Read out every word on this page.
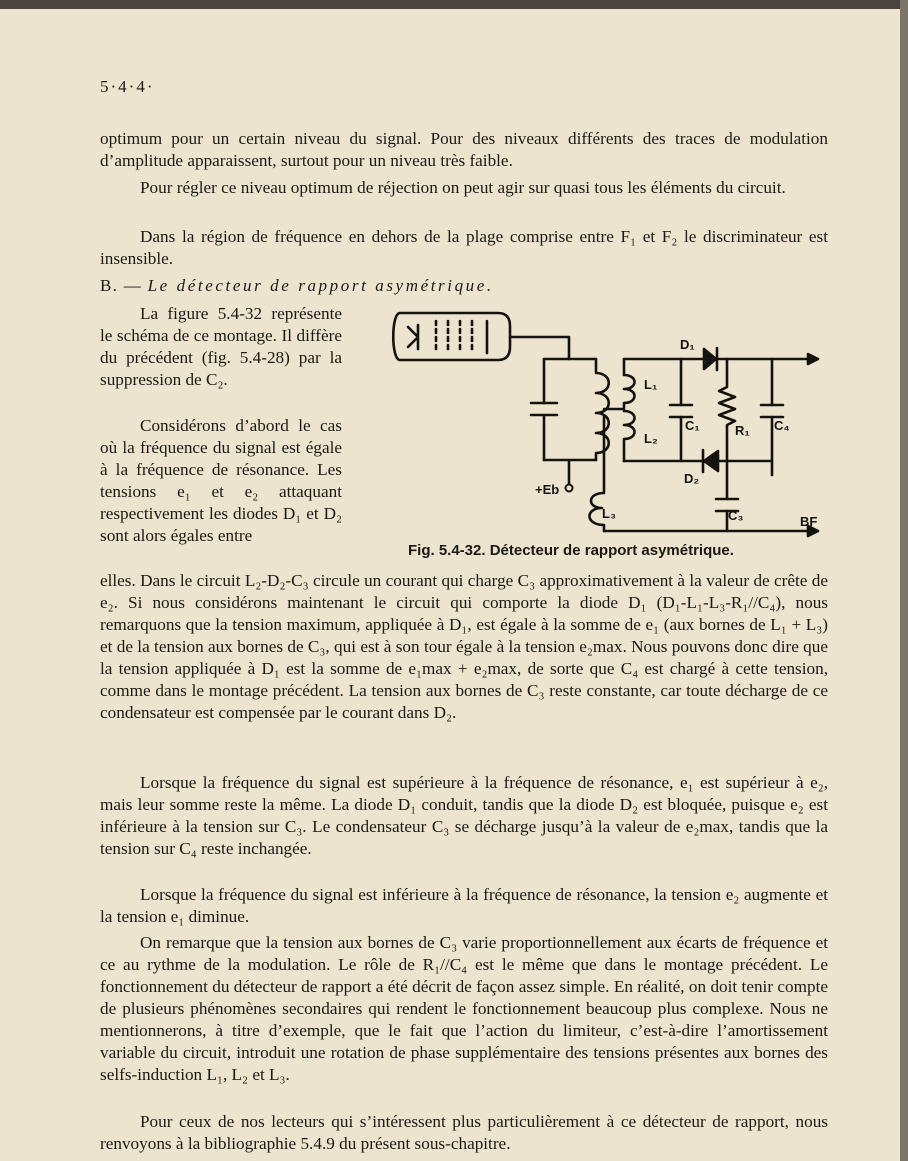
5·4·4·

optimum pour un certain niveau du signal. Pour des niveaux différents des traces de modulation d’amplitude apparaissent, surtout pour un niveau très faible.

Pour régler ce niveau optimum de réjection on peut agir sur quasi tous les éléments du circuit.

Dans la région de fréquence en dehors de la plage comprise entre F₁ et F₂ le discriminateur est insensible.

B. — Le détecteur de rapport asymétrique.

La figure 5.4-32 représente le schéma de ce montage. Il diffère du précédent (fig. 5.4-28) par la suppression de C₂.

Considérons d’abord le cas où la fréquence du signal est égale à la fréquence de résonance. Les tensions e₁ et e₂ attaquant respectivement les diodes D₁ et D₂ sont alors égales entre

elles. Dans le circuit L₂-D₂-C₃ circule un courant qui charge C₃ approximativement à la valeur de crête de e₂. Si nous considérons maintenant le circuit qui comporte la diode D₁ (D₁-L₁-L₃-R₁//C₄), nous remarquons que la tension maximum, appliquée à D₁, est égale à la somme de e₁ (aux bornes de L₁ + L₃) et de la tension aux bornes de C₃, qui est à son tour égale à la tension e₂max. Nous pouvons donc dire que la tension appliquée à D₁ est la somme de e₁max + e₂max, de sorte que C₄ est chargé à cette tension, comme dans le montage précédent. La tension aux bornes de C₃ reste constante, car toute décharge de ce condensateur est compensée par le courant dans D₂.

Lorsque la fréquence du signal est supérieure à la fréquence de résonance, e₁ est supérieur à e₂, mais leur somme reste la même. La diode D₁ conduit, tandis que la diode D₂ est bloquée, puisque e₂ est inférieure à la tension sur C₃. Le condensateur C₃ se décharge jusqu’à la valeur de e₂max, tandis que la tension sur C₄ reste inchangée.

Lorsque la fréquence du signal est inférieure à la fréquence de résonance, la tension e₂ augmente et la tension e₁ diminue.

On remarque que la tension aux bornes de C₃ varie proportionnellement aux écarts de fréquence et ce au rythme de la modulation. Le rôle de R₁//C₄ est le même que dans le montage précédent. Le fonctionnement du détecteur de rapport a été décrit de façon assez simple. En réalité, on doit tenir compte de plusieurs phénomènes secondaires qui rendent le fonctionnement beaucoup plus complexe. Nous ne mentionnerons, à titre d’exemple, que le fait que l’action du limiteur, c’est-à-dire l’amortissement variable du circuit, introduit une rotation de phase supplémentaire des tensions présentes aux bornes des selfs-induction L₁, L₂ et L₃.

Pour ceux de nos lecteurs qui s’intéressent plus particulièrement à ce détecteur de rapport, nous renvoyons à la bibliographie 5.4.9 du présent sous-chapitre.

D₁
D₂
L₁
L₂
L₃
R₁
C₁
C₃
C₄
+Eb
BF
Fig. 5.4-32. Détecteur de rapport asymétrique.
